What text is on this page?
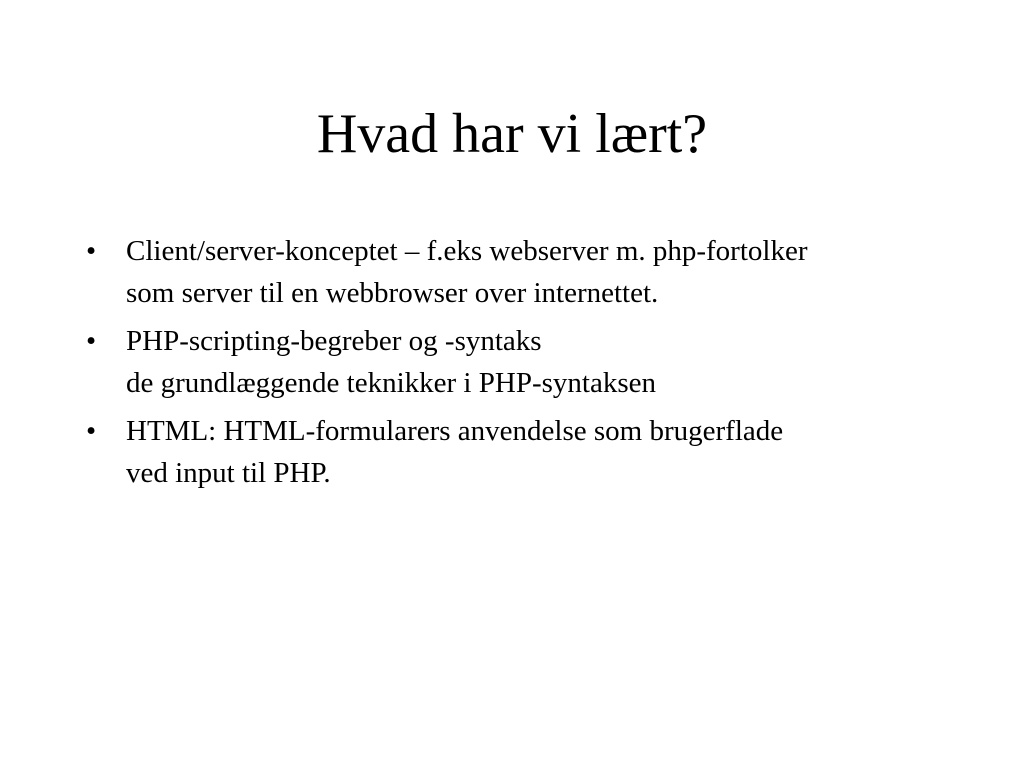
Hvad har vi lært?
•	Client/server-konceptet – f.eks webserver m. php-fortolker
som server til en webbrowser over internettet.
•	PHP-scripting-begreber og -syntaks
de grundlæggende teknikker i PHP-syntaksen
•	HTML: HTML-formularers anvendelse som brugerflade
ved input til PHP.
